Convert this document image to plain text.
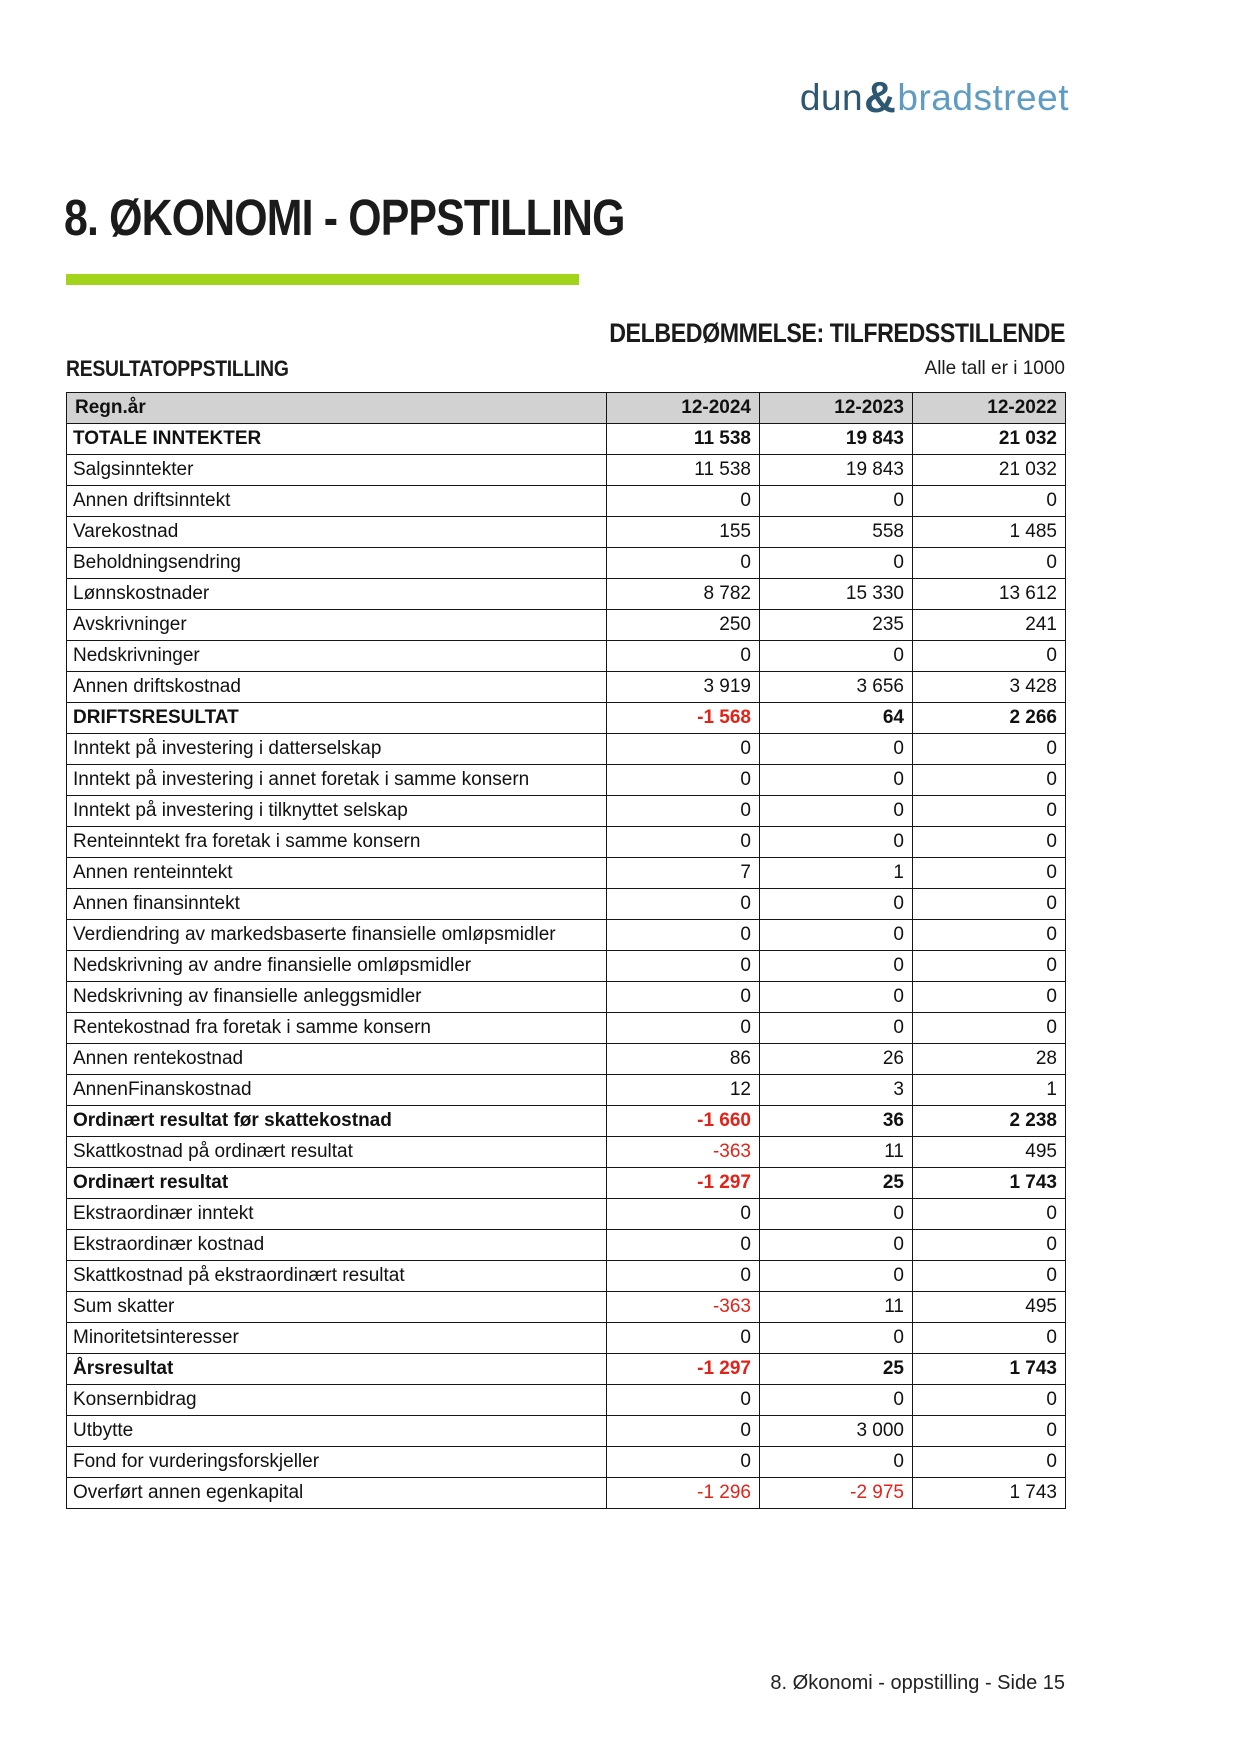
dun&bradstreet
8. ØKONOMI - OPPSTILLING
DELBEDØMMELSE: TILFREDSSTILLENDE
RESULTATOPPSTILLING	Alle tall er i 1000
Regn.år	12-2024	12-2023	12-2022
TOTALE INNTEKTER	11 538	19 843	21 032
Salgsinntekter	11 538	19 843	21 032
Annen driftsinntekt	0	0	0
Varekostnad	155	558	1 485
Beholdningsendring	0	0	0
Lønnskostnader	8 782	15 330	13 612
Avskrivninger	250	235	241
Nedskrivninger	0	0	0
Annen driftskostnad	3 919	3 656	3 428
DRIFTSRESULTAT	-1 568	64	2 266
Inntekt på investering i datterselskap	0	0	0
Inntekt på investering i annet foretak i samme konsern	0	0	0
Inntekt på investering i tilknyttet selskap	0	0	0
Renteinntekt fra foretak i samme konsern	0	0	0
Annen renteinntekt	7	1	0
Annen finansinntekt	0	0	0
Verdiendring av markedsbaserte finansielle omløpsmidler	0	0	0
Nedskrivning av andre finansielle omløpsmidler	0	0	0
Nedskrivning av finansielle anleggsmidler	0	0	0
Rentekostnad fra foretak i samme konsern	0	0	0
Annen rentekostnad	86	26	28
AnnenFinanskostnad	12	3	1
Ordinært resultat før skattekostnad	-1 660	36	2 238
Skattkostnad på ordinært resultat	-363	11	495
Ordinært resultat	-1 297	25	1 743
Ekstraordinær inntekt	0	0	0
Ekstraordinær kostnad	0	0	0
Skattkostnad på ekstraordinært resultat	0	0	0
Sum skatter	-363	11	495
Minoritetsinteresser	0	0	0
Årsresultat	-1 297	25	1 743
Konsernbidrag	0	0	0
Utbytte	0	3 000	0
Fond for vurderingsforskjeller	0	0	0
Overført annen egenkapital	-1 296	-2 975	1 743
8. Økonomi - oppstilling - Side 15
